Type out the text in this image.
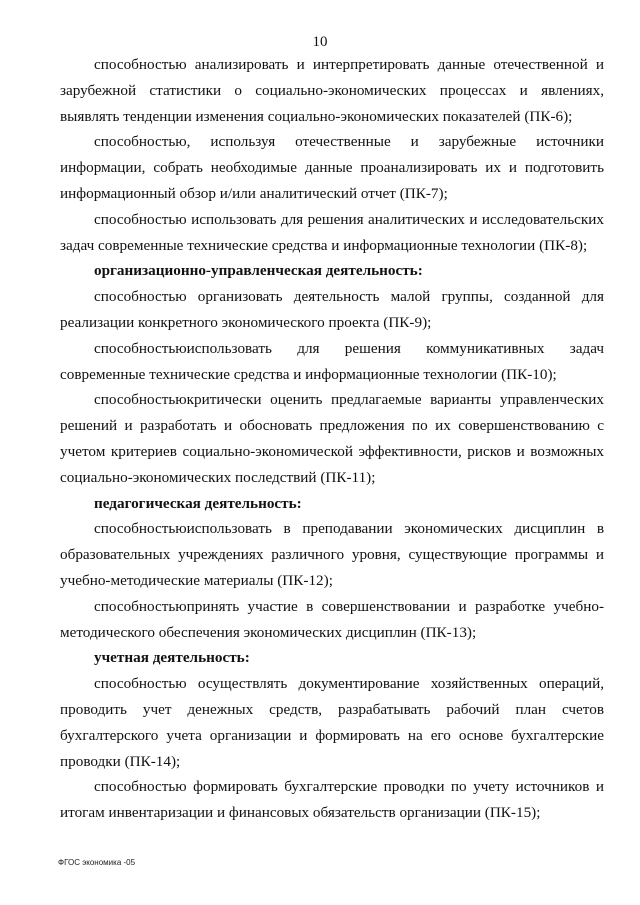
10

способностью анализировать и интерпретировать данные отечественной и зарубежной статистики о социально-экономических процессах и явлениях, выявлять тенденции изменения социально-экономических показателей (ПК-6);

способностью, используя отечественные и зарубежные источники информации, собрать необходимые данные проанализировать их и подготовить информационный обзор и/или аналитический отчет (ПК-7);

способностью использовать для решения аналитических и исследовательских задач современные технические средства и информационные технологии (ПК-8);

организационно-управленческая деятельность:

способностью организовать деятельность малой группы, созданной для реализации конкретного экономического проекта (ПК-9);

способностьюиспользовать для решения коммуникативных задач современные технические средства и информационные технологии (ПК-10);

способностьюкритически оценить предлагаемые варианты управленческих решений и разработать и обосновать предложения по их совершенствованию с учетом критериев социально-экономической эффективности, рисков и возможных социально-экономических последствий (ПК-11);

педагогическая деятельность:

способностьюиспользовать в преподавании экономических дисциплин в образовательных учреждениях различного уровня, существующие программы и учебно-методические материалы (ПК-12);

способностьюпринять участие в совершенствовании и разработке учебно-методического обеспечения экономических дисциплин (ПК-13);

учетная деятельность:

способностью осуществлять документирование хозяйственных операций, проводить учет денежных средств, разрабатывать рабочий план счетов бухгалтерского учета организации и формировать на его основе бухгалтерские проводки (ПК-14);

способностью формировать бухгалтерские проводки по учету источников и итогам инвентаризации и финансовых обязательств организации (ПК-15);

ФГОС экономика -05
